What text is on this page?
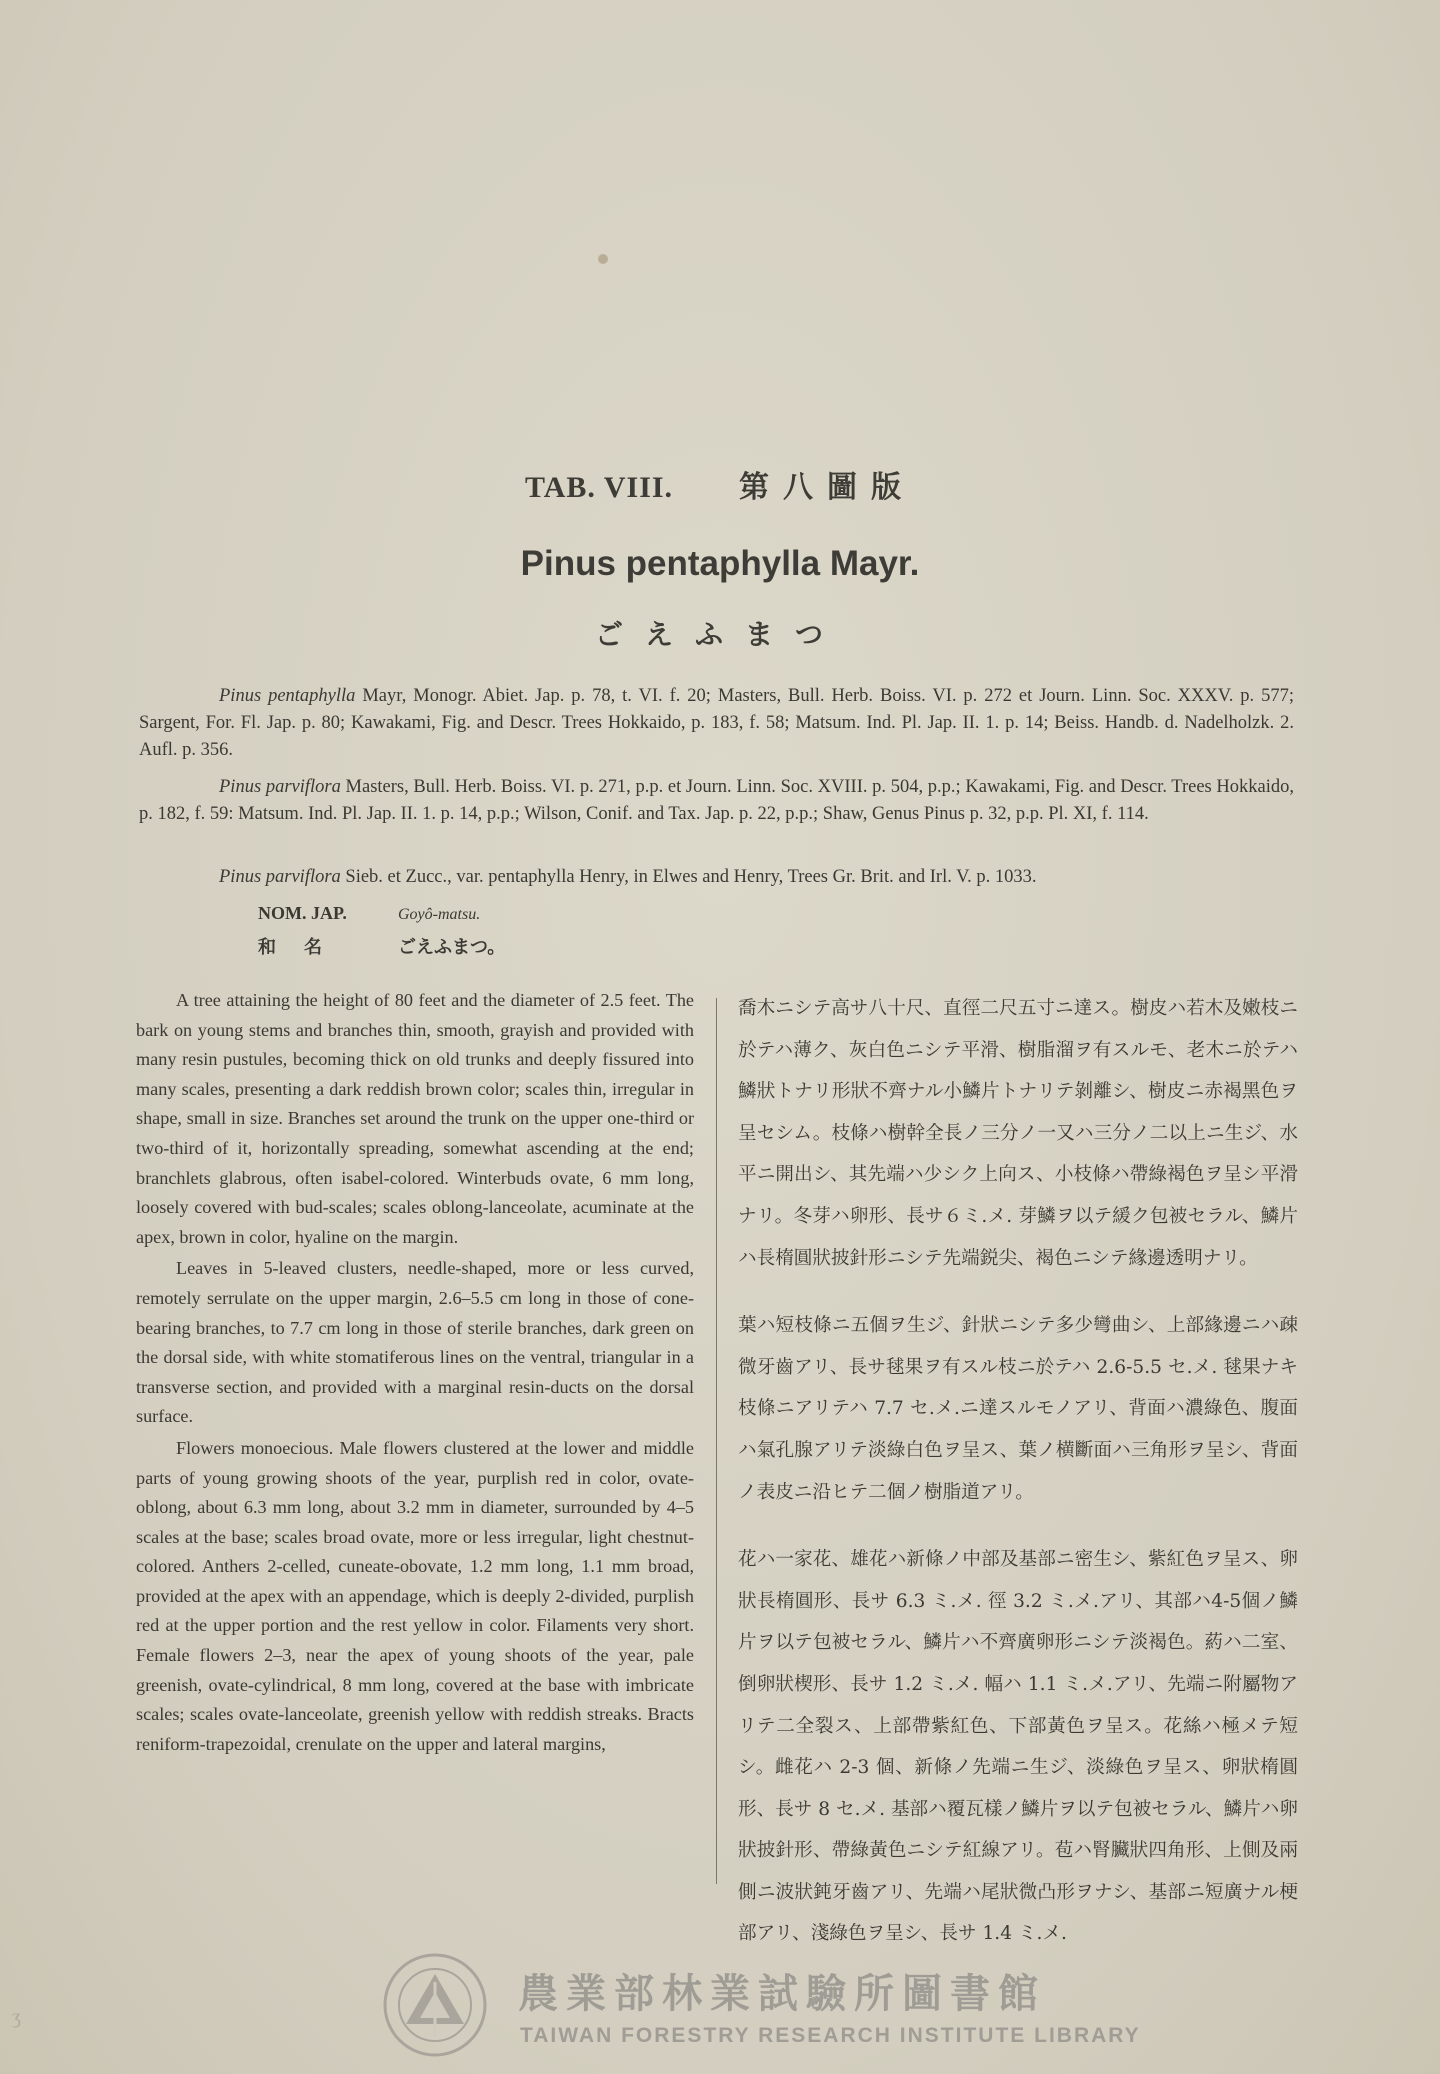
TAB. VIII. 第八圖版
Pinus pentaphylla Mayr.
ごえふまつ
Pinus pentaphylla Mayr, Monogr. Abiet. Jap. p. 78, t. VI. f. 20; Masters, Bull. Herb. Boiss. VI. p. 272 et Journ. Linn. Soc. XXXV. p. 577; Sargent, For. Fl. Jap. p. 80; Kawakami, Fig. and Descr. Trees Hokkaido, p. 183, f. 58; Matsum. Ind. Pl. Jap. II. 1. p. 14; Beiss. Handb. d. Nadelholzk. 2. Aufl. p. 356.
Pinus parviflora Masters, Bull. Herb. Boiss. VI. p. 271, p.p. et Journ. Linn. Soc. XVIII. p. 504, p.p.; Kawakami, Fig. and Descr. Trees Hokkaido, p. 182, f. 59: Matsum. Ind. Pl. Jap. II. 1. p. 14, p.p.; Wilson, Conif. and Tax. Jap. p. 22, p.p.; Shaw, Genus Pinus p. 32, p.p. Pl. XI, f. 114.
Pinus parviflora Sieb. et Zucc., var. pentaphylla Henry, in Elwes and Henry, Trees Gr. Brit. and Irl. V. p. 1033.
NOM. JAP.	Goyô-matsu.
和名	ごえふまつ。

A tree attaining the height of 80 feet and the diameter of 2.5 feet. The bark on young stems and branches thin, smooth, grayish and provided with many resin pustules, becoming thick on old trunks and deeply fissured into many scales, presenting a dark reddish brown color; scales thin, irregular in shape, small in size. Branches set around the trunk on the upper one-third or two-third of it, horizontally spreading, somewhat ascending at the end; branchlets glabrous, often isabel-colored. Winterbuds ovate, 6 mm long, loosely covered with bud-scales; scales oblong-lanceolate, acuminate at the apex, brown in color, hyaline on the margin.

Leaves in 5-leaved clusters, needle-shaped, more or less curved, remotely serrulate on the upper margin, 2.6–5.5 cm long in those of cone-bearing branches, to 7.7 cm long in those of sterile branches, dark green on the dorsal side, with white stomatiferous lines on the ventral, triangular in a transverse section, and provided with a marginal resin-ducts on the dorsal surface.

Flowers monoecious. Male flowers clustered at the lower and middle parts of young growing shoots of the year, purplish red in color, ovate-oblong, about 6.3 mm long, about 3.2 mm in diameter, surrounded by 4–5 scales at the base; scales broad ovate, more or less irregular, light chestnut-colored. Anthers 2-celled, cuneate-obovate, 1.2 mm long, 1.1 mm broad, provided at the apex with an appendage, which is deeply 2-divided, purplish red at the upper portion and the rest yellow in color. Filaments very short. Female flowers 2–3, near the apex of young shoots of the year, pale greenish, ovate-cylindrical, 8 mm long, covered at the base with imbricate scales; scales ovate-lanceolate, greenish yellow with reddish streaks. Bracts reniform-trapezoidal, crenulate on the upper and lateral margins,

喬木ニシテ高サ八十尺、直徑二尺五寸ニ達ス。樹皮ハ若木及嫩枝ニ於テハ薄ク、灰白色ニシテ平滑、樹脂溜ヲ有スルモ、老木ニ於テハ鱗狀トナリ形狀不齊ナル小鱗片トナリテ剝離シ、樹皮ニ赤褐黑色ヲ呈セシム。枝條ハ樹幹全長ノ三分ノ一又ハ三分ノ二以上ニ生ジ、水平ニ開出シ、其先端ハ少シク上向ス、小枝條ハ帶綠褐色ヲ呈シ平滑ナリ。冬芽ハ卵形、長サ６ミ.メ. 芽鱗ヲ以テ緩ク包被セラル、鱗片ハ長楕圓狀披針形ニシテ先端鋭尖、褐色ニシテ緣邊透明ナリ。

葉ハ短枝條ニ五個ヲ生ジ、針狀ニシテ多少彎曲シ、上部緣邊ニハ疎微牙齒アリ、長サ毬果ヲ有スル枝ニ於テハ 2.6-5.5 セ.メ. 毬果ナキ枝條ニアリテハ 7.7 セ.メ.ニ達スルモノアリ、背面ハ濃綠色、腹面ハ氣孔腺アリテ淡綠白色ヲ呈ス、葉ノ横斷面ハ三角形ヲ呈シ、背面ノ表皮ニ沿ヒテ二個ノ樹脂道アリ。

花ハ一家花、雄花ハ新條ノ中部及基部ニ密生シ、紫紅色ヲ呈ス、卵狀長楕圓形、長サ 6.3 ミ.メ. 徑 3.2 ミ.メ.アリ、其部ハ4-5個ノ鱗片ヲ以テ包被セラル、鱗片ハ不齊廣卵形ニシテ淡褐色。葯ハ二室、倒卵狀楔形、長サ 1.2 ミ.メ. 幅ハ 1.1 ミ.メ.アリ、先端ニ附屬物アリテ二全裂ス、上部帶紫紅色、下部黃色ヲ呈ス。花絲ハ極メテ短シ。雌花ハ 2-3 個、新條ノ先端ニ生ジ、淡綠色ヲ呈ス、卵狀楕圓形、長サ 8 セ.メ. 基部ハ覆瓦樣ノ鱗片ヲ以テ包被セラル、鱗片ハ卵狀披針形、帶綠黃色ニシテ紅線アリ。苞ハ腎臟狀四角形、上側及兩側ニ波狀鈍牙齒アリ、先端ハ尾狀微凸形ヲナシ、基部ニ短廣ナル梗部アリ、淺綠色ヲ呈シ、長サ 1.4 ミ.メ.

農業部林業試驗所圖書館
TAIWAN FORESTRY RESEARCH INSTITUTE LIBRARY
ʒ
